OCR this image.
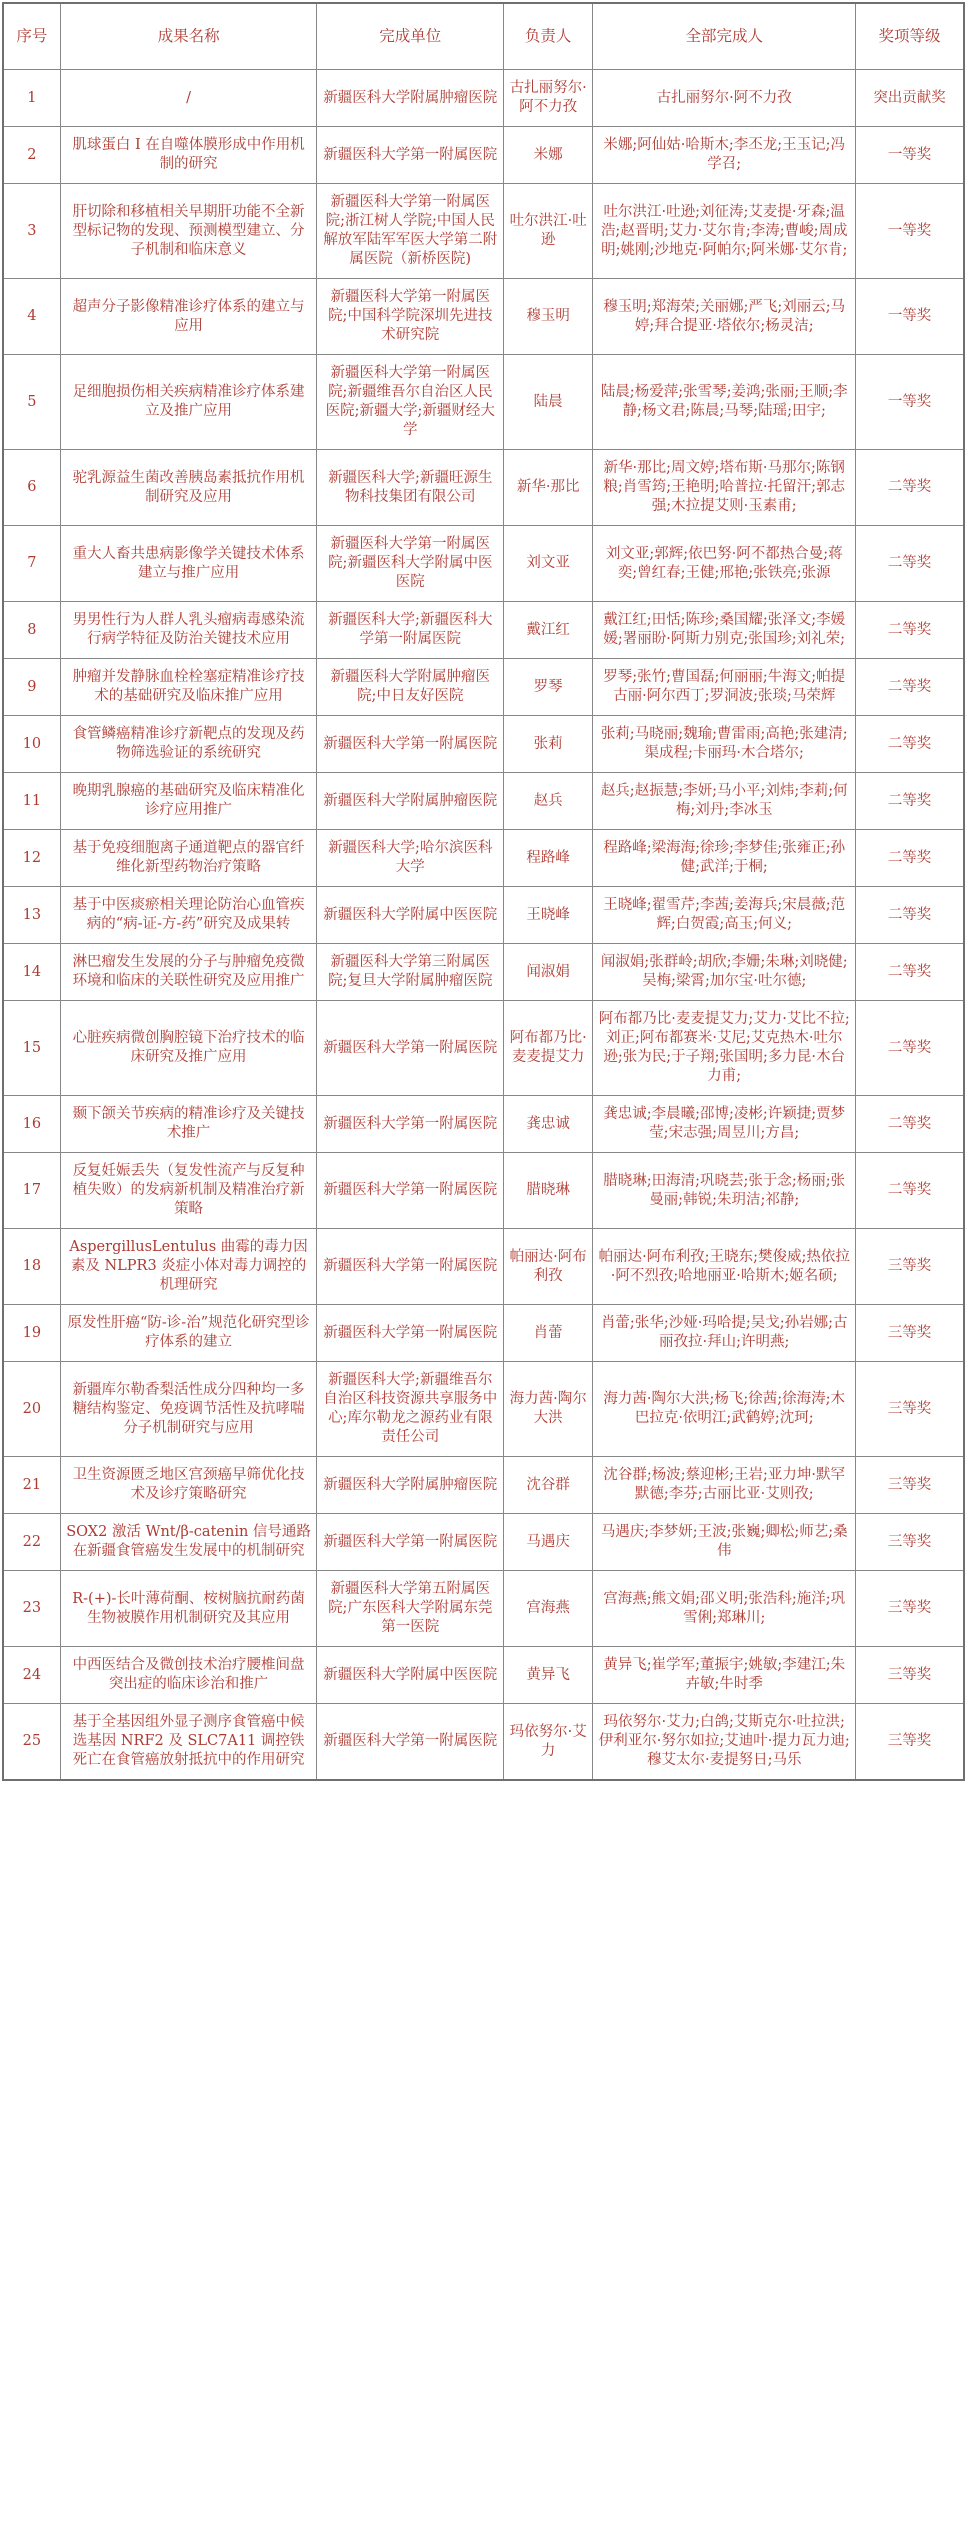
序号	成果名称	完成单位	负责人	全部完成人	奖项等级
1	/	新疆医科大学附属肿瘤医院	古扎丽努尔·阿不力孜	古扎丽努尔·阿不力孜	突出贡献奖
2	肌球蛋白 I 在自噬体膜形成中作用机制的研究	新疆医科大学第一附属医院	米娜	米娜;阿仙姑·哈斯木;李丕龙;王玉记;冯学召;	一等奖
3	肝切除和移植相关早期肝功能不全新型标记物的发现、预测模型建立、分子机制和临床意义	新疆医科大学第一附属医院;浙江树人学院;中国人民解放军陆军军医大学第二附属医院（新桥医院)	吐尔洪江·吐逊	吐尔洪江·吐逊;刘征涛;艾麦提·牙森;温浩;赵晋明;艾力·艾尔肯;李涛;曹峻;周成明;姚刚;沙地克·阿帕尔;阿米娜·艾尔肯;	一等奖
4	超声分子影像精准诊疗体系的建立与应用	新疆医科大学第一附属医院;中国科学院深圳先进技术研究院	穆玉明	穆玉明;郑海荣;关丽娜;严飞;刘丽云;马婷;拜合提亚·塔依尔;杨灵洁;	一等奖
5	足细胞损伤相关疾病精准诊疗体系建立及推广应用	新疆医科大学第一附属医院;新疆维吾尔自治区人民医院;新疆大学;新疆财经大学	陆晨	陆晨;杨爱萍;张雪琴;姜鸿;张丽;王顺;李静;杨文君;陈晨;马琴;陆瑶;田宇;	一等奖
6	驼乳源益生菌改善胰岛素抵抗作用机制研究及应用	新疆医科大学;新疆旺源生物科技集团有限公司	新华·那比	新华·那比;周文婷;塔布斯·马那尔;陈钢粮;肖雪筠;王艳明;哈普拉·托留汗;郭志强;木拉提艾则·玉素甫;	二等奖
7	重大人畜共患病影像学关键技术体系建立与推广应用	新疆医科大学第一附属医院;新疆医科大学附属中医医院	刘文亚	刘文亚;郭辉;依巴努·阿不都热合曼;蒋奕;曾红春;王健;邢艳;张铁亮;张源	二等奖
8	男男性行为人群人乳头瘤病毒感染流行病学特征及防治关键技术应用	新疆医科大学;新疆医科大学第一附属医院	戴江红	戴江红;田恬;陈珍;桑国耀;张泽文;李媛媛;署丽盼·阿斯力别克;张国珍;刘礼荣;	二等奖
9	肿瘤并发静脉血栓栓塞症精准诊疗技术的基础研究及临床推广应用	新疆医科大学附属肿瘤医院;中日友好医院	罗琴	罗琴;张竹;曹国磊;何丽丽;牛海文;帕提古丽·阿尔西丁;罗洞波;张琰;马荣辉	二等奖
10	食管鳞癌精准诊疗新靶点的发现及药物筛选验证的系统研究	新疆医科大学第一附属医院	张莉	张莉;马晓丽;魏瑜;曹雷雨;高艳;张建清;渠成程;卡丽玛·木合塔尔;	二等奖
11	晚期乳腺癌的基础研究及临床精准化诊疗应用推广	新疆医科大学附属肿瘤医院	赵兵	赵兵;赵振慧;李妍;马小平;刘炜;李莉;何梅;刘丹;李冰玉	二等奖
12	基于免疫细胞离子通道靶点的器官纤维化新型药物治疗策略	新疆医科大学;哈尔滨医科大学	程路峰	程路峰;梁海海;徐珍;李梦佳;张雍正;孙健;武洋;于桐;	二等奖
13	基于中医痰瘀相关理论防治心血管疾病的“病-证-方-药”研究及成果转	新疆医科大学附属中医医院	王晓峰	王晓峰;翟雪芹;李茜;姜海兵;宋晨薇;范辉;白贺霞;高玉;何义;	二等奖
14	淋巴瘤发生发展的分子与肿瘤免疫微环境和临床的关联性研究及应用推广	新疆医科大学第三附属医院;复旦大学附属肿瘤医院	闻淑娟	闻淑娟;张群岭;胡欣;李姗;朱琳;刘晓健;吴梅;梁霄;加尔宝·吐尔德;	二等奖
15	心脏疾病微创胸腔镜下治疗技术的临床研究及推广应用	新疆医科大学第一附属医院	阿布都乃比·麦麦提艾力	阿布都乃比·麦麦提艾力;艾力·艾比不拉;刘正;阿布都赛米·艾尼;艾克热木·吐尔逊;张为民;于子翔;张国明;多力昆·木台力甫;	二等奖
16	颞下颌关节疾病的精准诊疗及关键技术推广	新疆医科大学第一附属医院	龚忠诚	龚忠诚;李晨曦;邵博;凌彬;许颖捷;贾梦莹;宋志强;周昱川;方昌;	二等奖
17	反复妊娠丢失（复发性流产与反复种植失败）的发病新机制及精准治疗新策略	新疆医科大学第一附属医院	腊晓琳	腊晓琳;田海清;巩晓芸;张于念;杨丽;张曼丽;韩锐;朱玥洁;祁静;	二等奖
18	AspergillusLentulus 曲霉的毒力因素及 NLPR3 炎症小体对毒力调控的机理研究	新疆医科大学第一附属医院	帕丽达·阿布利孜	帕丽达·阿布利孜;王晓东;樊俊威;热依拉·阿不烈孜;哈地丽亚·哈斯木;姬名硕;	三等奖
19	原发性肝癌“防-诊-治”规范化研究型诊疗体系的建立	新疆医科大学第一附属医院	肖蕾	肖蕾;张华;沙娅·玛哈提;吴戈;孙岩娜;古丽孜拉·拜山;许明燕;	三等奖
20	新疆库尔勒香梨活性成分四种均一多糖结构鉴定、免疫调节活性及抗哮喘分子机制研究与应用	新疆医科大学;新疆维吾尔自治区科技资源共享服务中心;库尔勒龙之源药业有限责任公司	海力茜·陶尔大洪	海力茜·陶尔大洪;杨飞;徐茜;徐海涛;木巴拉克·依明江;武鹤婷;沈珂;	三等奖
21	卫生资源匮乏地区宫颈癌早筛优化技术及诊疗策略研究	新疆医科大学附属肿瘤医院	沈谷群	沈谷群;杨波;蔡迎彬;王岩;亚力坤·默罕默德;李芬;古丽比亚·艾则孜;	三等奖
22	SOX2 激活 Wnt/β-catenin 信号通路在新疆食管癌发生发展中的机制研究	新疆医科大学第一附属医院	马遇庆	马遇庆;李梦妍;王波;张巍;卿松;师艺;桑伟	三等奖
23	R-(+)-长叶薄荷酮、桉树脑抗耐药菌生物被膜作用机制研究及其应用	新疆医科大学第五附属医院;广东医科大学附属东莞第一医院	宫海燕	宫海燕;熊文娟;邵义明;张浩科;施洋;巩雪俐;郑琳川;	三等奖
24	中西医结合及微创技术治疗腰椎间盘突出症的临床诊治和推广	新疆医科大学附属中医医院	黄异飞	黄异飞;崔学军;董振宇;姚敏;李建江;朱卉敏;牛时季	三等奖
25	基于全基因组外显子测序食管癌中候选基因 NRF2 及 SLC7A11 调控铁死亡在食管癌放射抵抗中的作用研究	新疆医科大学第一附属医院	玛依努尔·艾力	玛依努尔·艾力;白鸽;艾斯克尔·吐拉洪;伊利亚尔·努尔如拉;艾迪叶·提力瓦力迪;穆艾太尔·麦提努日;马乐	三等奖
